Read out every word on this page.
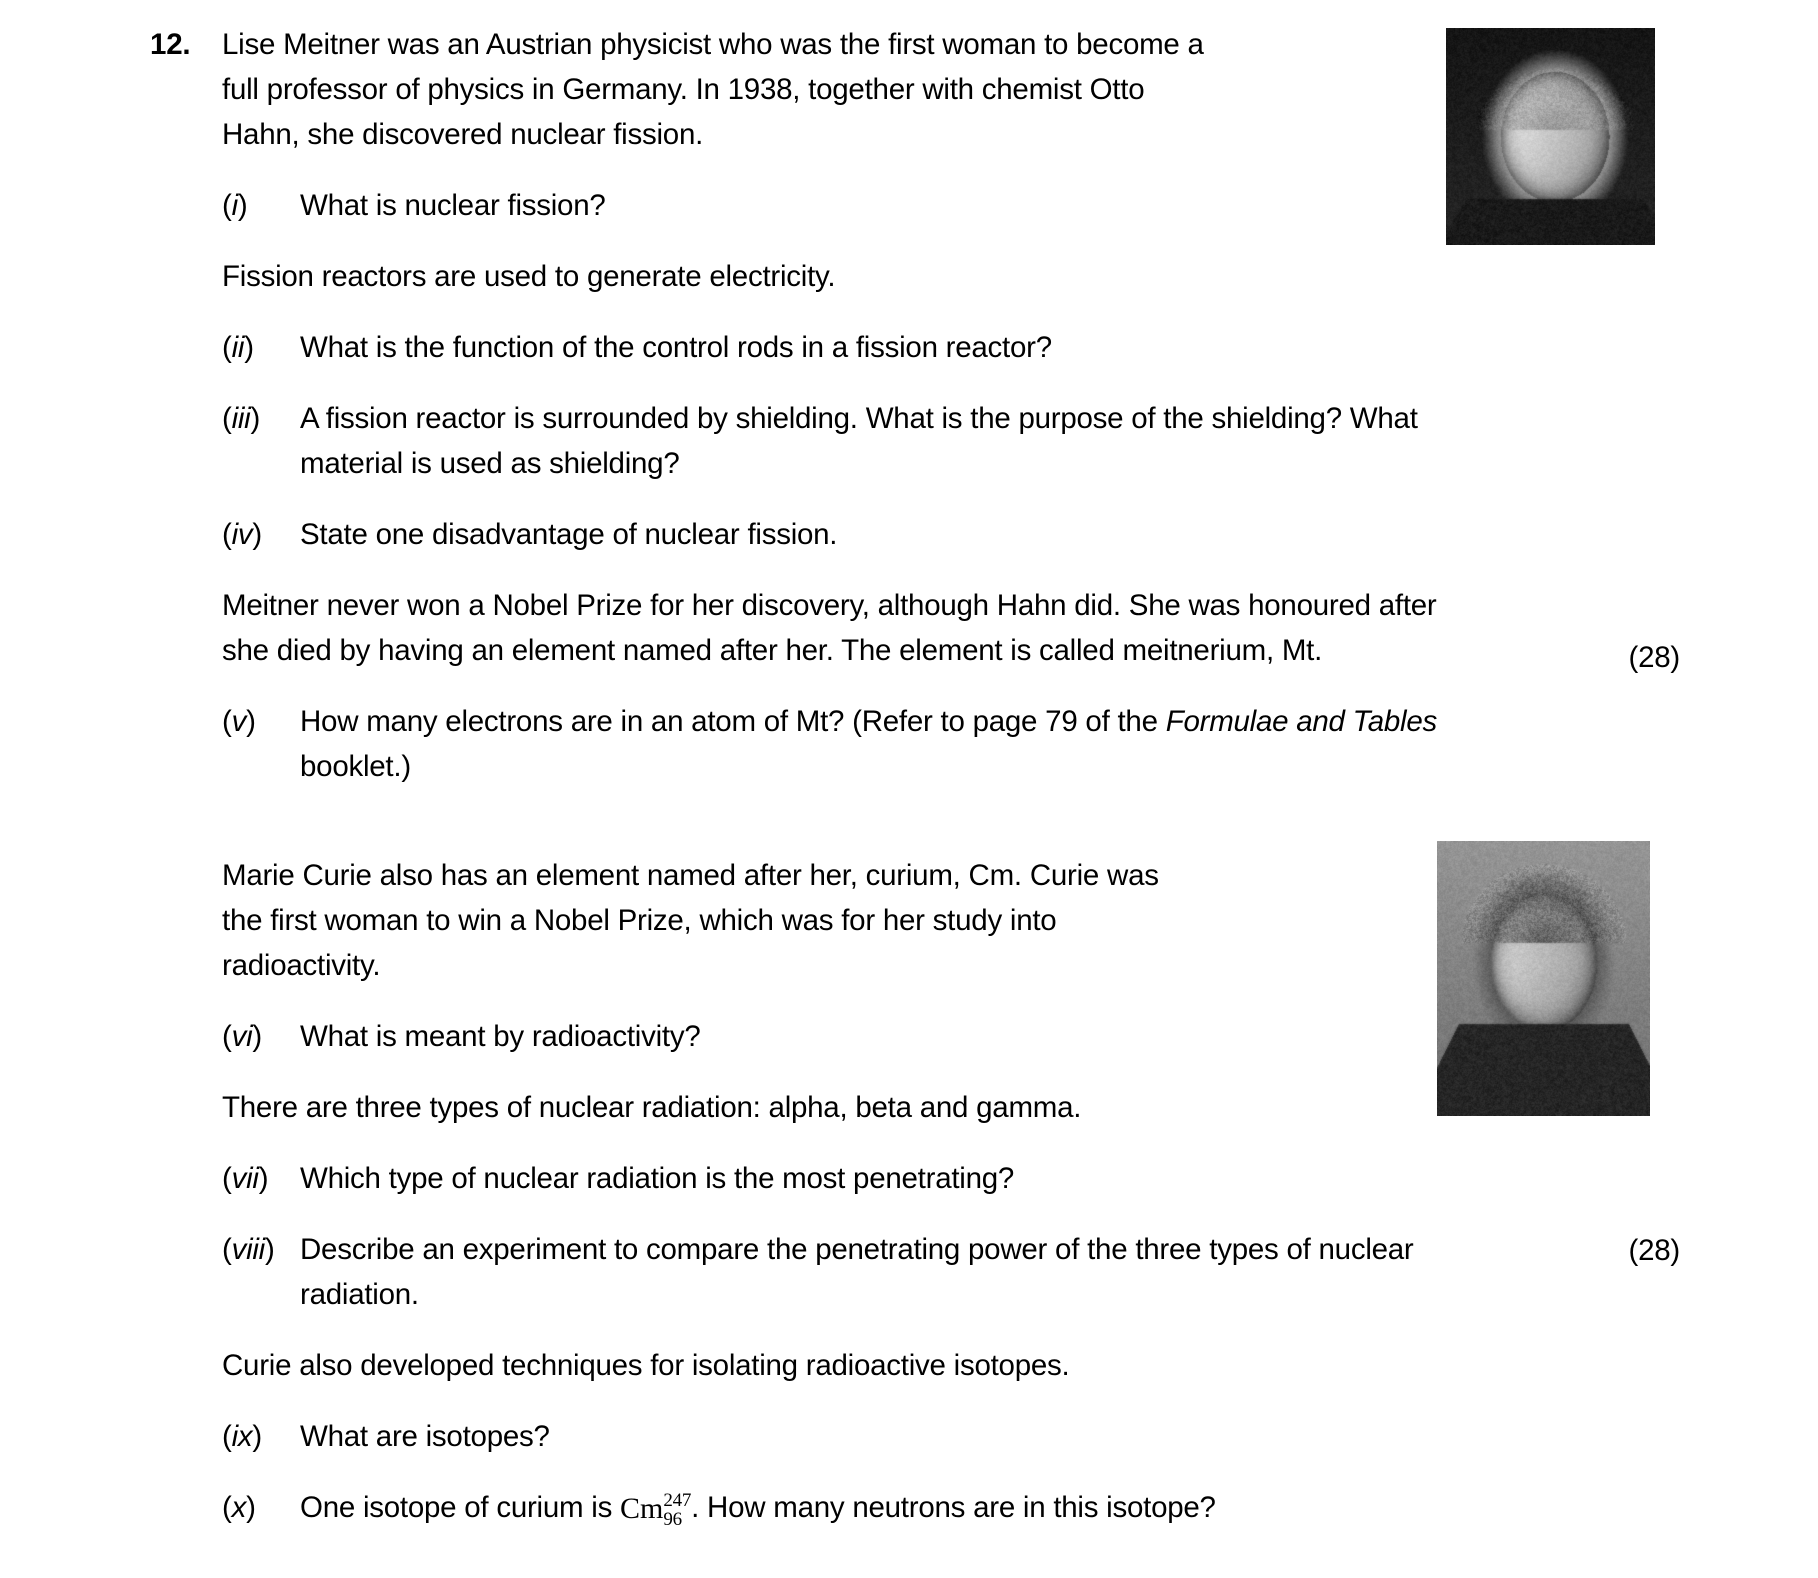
12.	Lise Meitner was an Austrian physicist who was the first woman to become a full professor of physics in Germany. In 1938, together with chemist Otto Hahn, she discovered nuclear fission.

(i)	What is nuclear fission?

Fission reactors are used to generate electricity.

(ii)	What is the function of the control rods in a fission reactor?
(iii)	A fission reactor is surrounded by shielding. What is the purpose of the shielding? What material is used as shielding?
(iv)	State one disadvantage of nuclear fission.

Meitner never won a Nobel Prize for her discovery, although Hahn did. She was honoured after she died by having an element named after her. The element is called meitnerium, Mt.

(v)	How many electrons are in an atom of Mt? (Refer to page 79 of the Formulae and Tables booklet.)
(28)

Marie Curie also has an element named after her, curium, Cm. Curie was the first woman to win a Nobel Prize, which was for her study into radioactivity.

(vi)	What is meant by radioactivity?

There are three types of nuclear radiation: alpha, beta and gamma.

(vii)	Which type of nuclear radiation is the most penetrating?
(viii) Describe an experiment to compare the penetrating power of the three types of nuclear radiation.

Curie also developed techniques for isolating radioactive isotopes.

(ix)	What are isotopes?
(x)	One isotope of curium is Cm 247
96 . How many neutrons are in this isotope?
(28)
